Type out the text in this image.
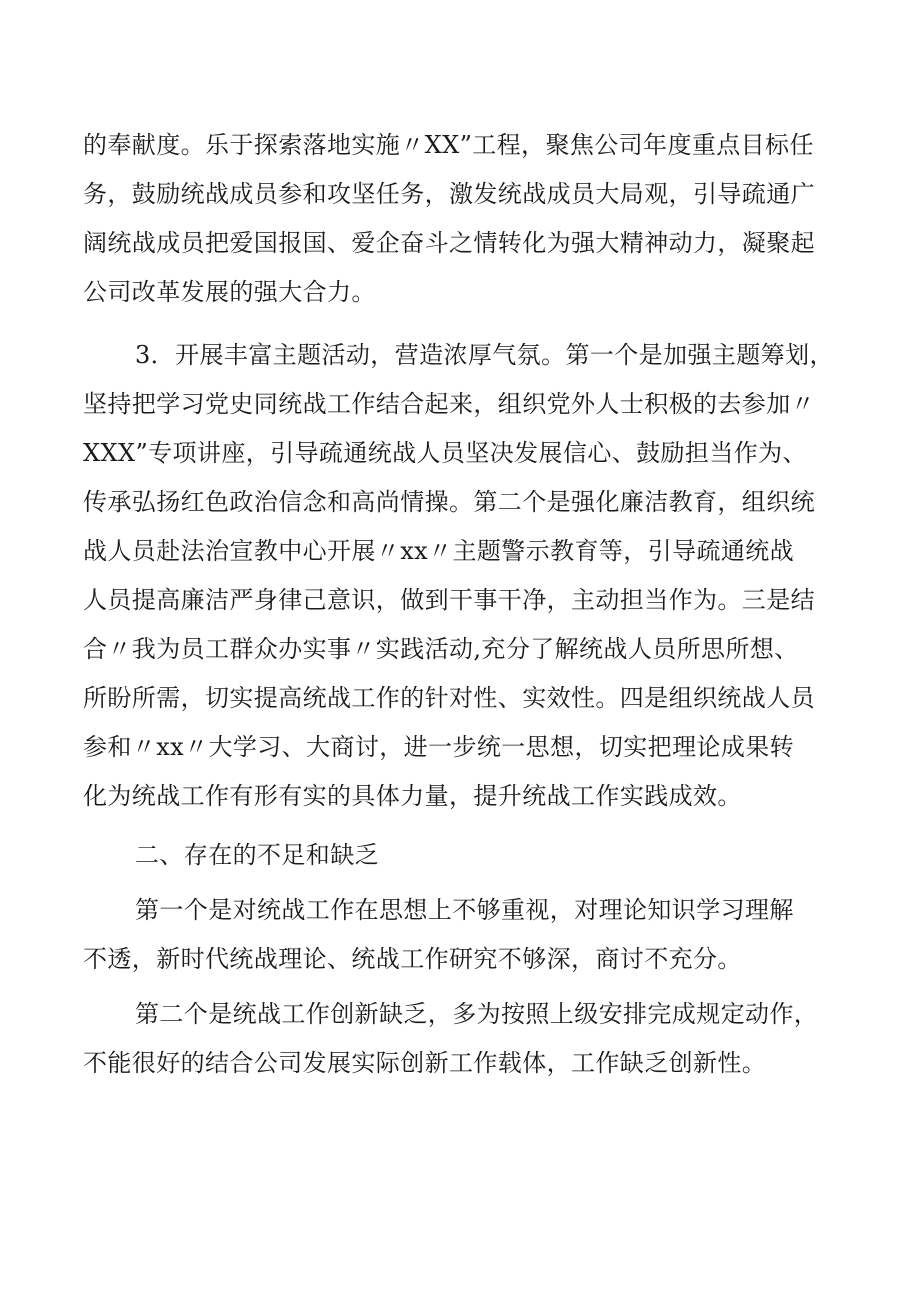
的奉献度。乐于探索落地实施〃XX”工程，聚焦公司年度重点目标任
务，鼓励统战成员参和攻坚任务，激发统战成员大局观，引导疏通广
阔统战成员把爱国报国、爱企奋斗之情转化为强大精神动力，凝聚起
公司改革发展的强大合力。
3．开展丰富主题活动，营造浓厚气氛。第一个是加强主题筹划，
坚持把学习党史同统战工作结合起来，组织党外人士积极的去参加〃
XXX”专项讲座，引导疏通统战人员坚决发展信心、鼓励担当作为、
传承弘扬红色政治信念和高尚情操。第二个是强化廉洁教育，组织统
战人员赴法治宣教中心开展〃xx〃主题警示教育等，引导疏通统战
人员提高廉洁严身律己意识，做到干事干净，主动担当作为。三是结
合〃我为员工群众办实事〃实践活动,充分了解统战人员所思所想、
所盼所需，切实提高统战工作的针对性、实效性。四是组织统战人员
参和〃xx〃大学习、大商讨，进一步统一思想，切实把理论成果转
化为统战工作有形有实的具体力量，提升统战工作实践成效。
二、存在的不足和缺乏
第一个是对统战工作在思想上不够重视，对理论知识学习理解
不透，新时代统战理论、统战工作研究不够深，商讨不充分。
第二个是统战工作创新缺乏，多为按照上级安排完成规定动作，
不能很好的结合公司发展实际创新工作载体，工作缺乏创新性。
